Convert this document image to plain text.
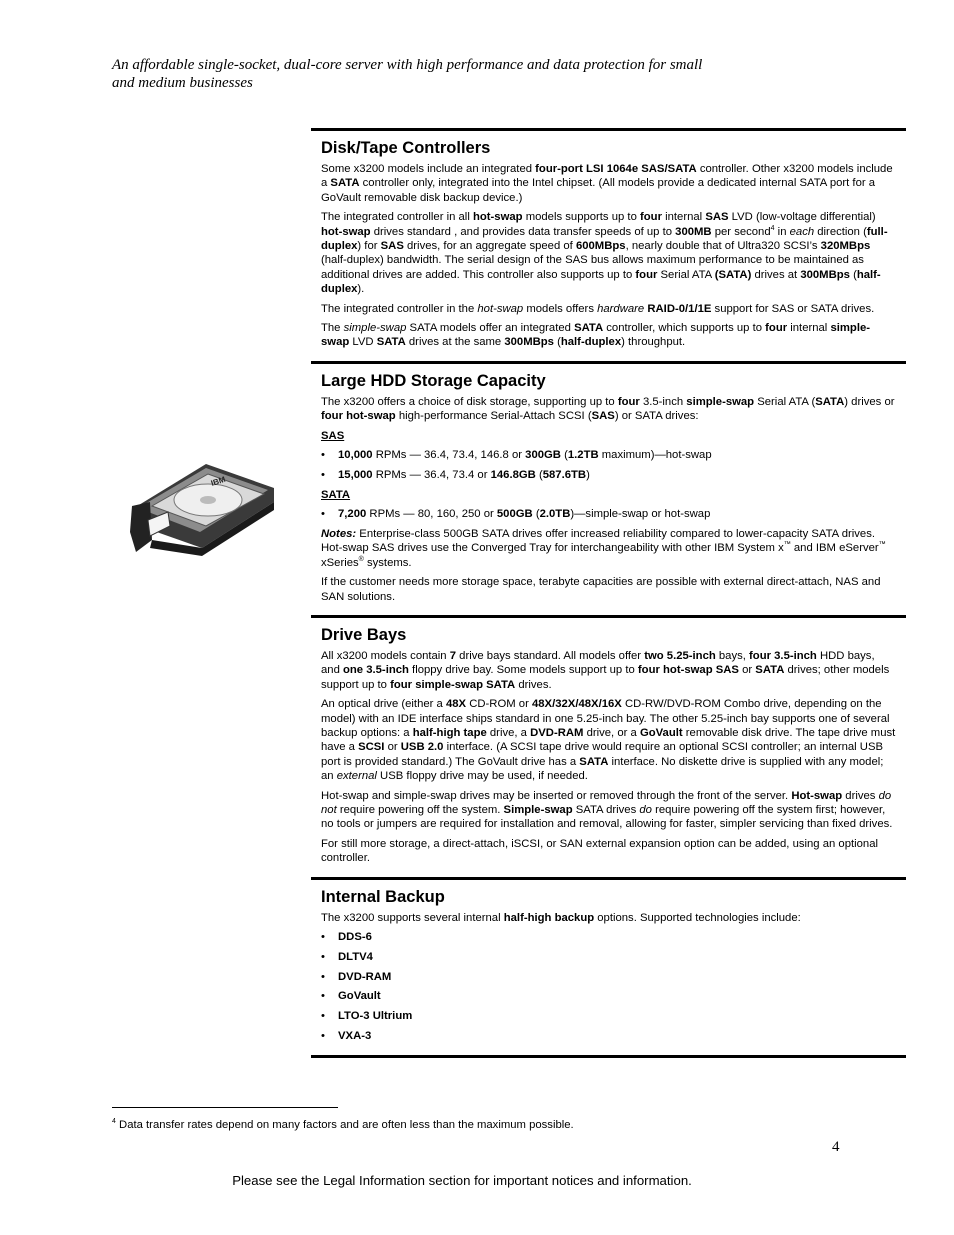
An affordable single-socket, dual-core server with high performance and data protection for small
and medium businesses
IBM
Disk/Tape Controllers

Some x3200 models include an integrated four-port LSI 1064e SAS/SATA controller. Other x3200 models include a SATA controller only, integrated into the Intel chipset. (All models provide a dedicated internal SATA port for a GoVault removable disk backup device.)

The integrated controller in all hot-swap models supports up to four internal SAS LVD (low-voltage differential) hot-swap drives standard , and provides data transfer speeds of up to 300MB per second$^4$ in each direction (full-duplex) for SAS drives, for an aggregate speed of 600MBps, nearly double that of Ultra320 SCSI’s 320MBps (half-duplex) bandwidth. The serial design of the SAS bus allows maximum performance to be maintained as additional drives are added. This controller also supports up to four Serial ATA (SATA) drives at 300MBps (half-duplex).

The integrated controller in the hot-swap models offers hardware RAID-0/1/1E support for SAS or SATA drives.

The simple-swap SATA models offer an integrated SATA controller, which supports up to four internal simple-swap LVD SATA drives at the same 300MBps (half-duplex) throughput.

Large HDD Storage Capacity

The x3200 offers a choice of disk storage, supporting up to four 3.5-inch simple-swap Serial ATA (SATA) drives or four hot-swap high-performance Serial-Attach SCSI (SAS) or SATA drives:

SAS
• 10,000 RPMs — 36.4, 73.4, 146.8 or 300GB (1.2TB maximum)—hot-swap
• 15,000 RPMs — 36.4, 73.4 or 146.8GB (587.6TB)
SATA
• 7,200 RPMs — 80, 160, 250 or 500GB (2.0TB)—simple-swap or hot-swap

Notes: Enterprise-class 500GB SATA drives offer increased reliability compared to lower-capacity SATA drives. Hot-swap SAS drives use the Converged Tray for interchangeability with other IBM System x™ and IBM eServer™ xSeries® systems.

If the customer needs more storage space, terabyte capacities are possible with external direct-attach, NAS and SAN solutions.

Drive Bays

All x3200 models contain 7 drive bays standard. All models offer two 5.25-inch bays, four 3.5-inch HDD bays, and one 3.5-inch floppy drive bay. Some models support up to four hot-swap SAS or SATA drives; other models support up to four simple-swap SATA drives.

An optical drive (either a 48X CD-ROM or 48X/32X/48X/16X CD-RW/DVD-ROM Combo drive, depending on the model) with an IDE interface ships standard in one 5.25-inch bay. The other 5.25-inch bay supports one of several backup options: a half-high tape drive, a DVD-RAM drive, or a GoVault removable disk drive. The tape drive must have a SCSI or USB 2.0 interface. (A SCSI tape drive would require an optional SCSI controller; an internal USB port is provided standard.) The GoVault drive has a SATA interface. No diskette drive is supplied with any model; an external USB floppy drive may be used, if needed.

Hot-swap and simple-swap drives may be inserted or removed through the front of the server. Hot-swap drives do not require powering off the system. Simple-swap SATA drives do require powering off the system first; however, no tools or jumpers are required for installation and removal, allowing for faster, simpler servicing than fixed drives.

For still more storage, a direct-attach, iSCSI, or SAN external expansion option can be added, using an optional controller.

Internal Backup

The x3200 supports several internal half-high backup options. Supported technologies include:

• DDS-6
• DLTV4
• DVD-RAM
• GoVault
• LTO-3 Ultrium
• VXA-3
$^4$ Data transfer rates depend on many factors and are often less than the maximum possible.
4
Please see the Legal Information section for important notices and information.
